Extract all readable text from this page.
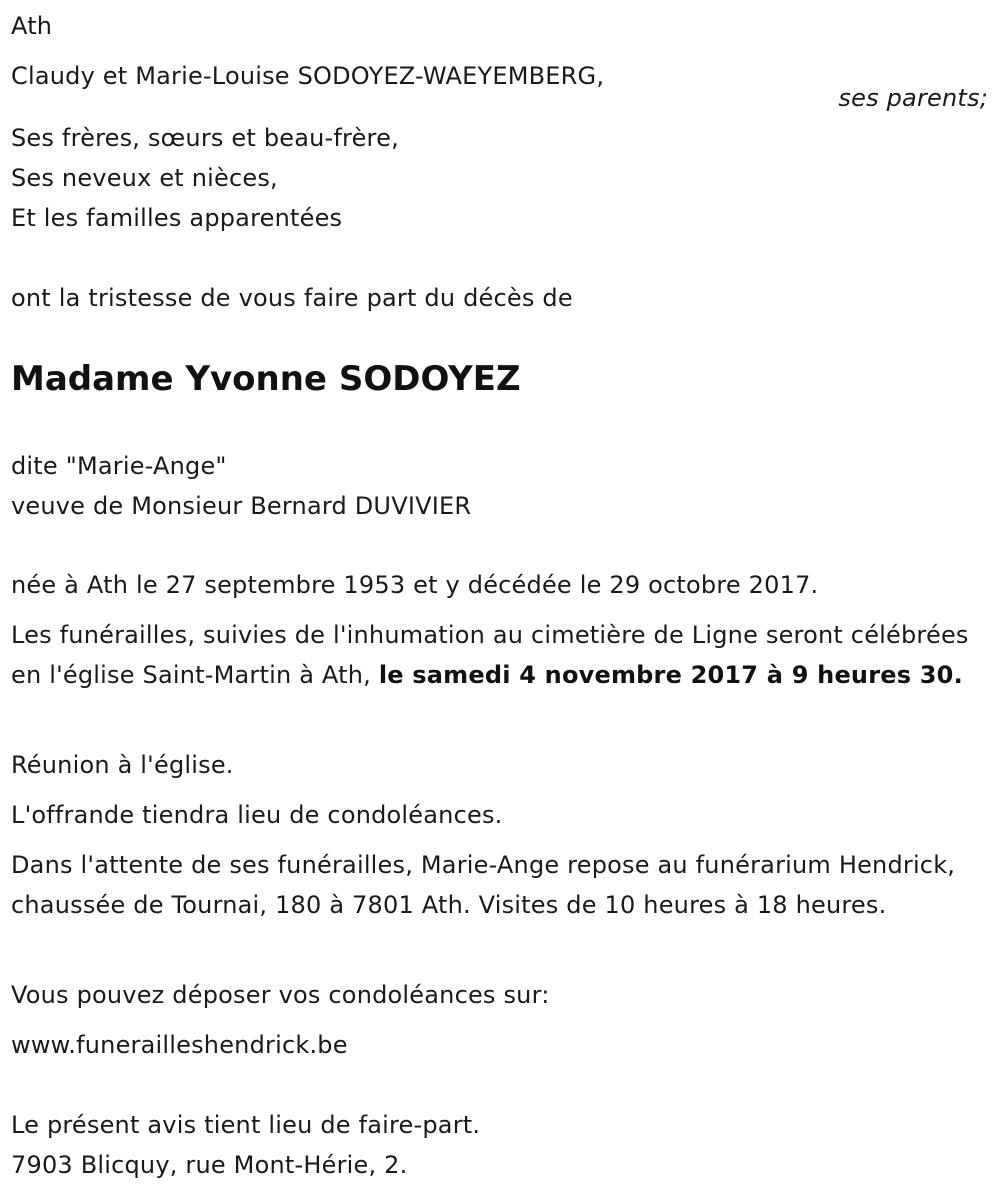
Ath
Claudy et Marie-Louise SODOYEZ-WAEYEMBERG,
ses parents;
Ses frères, sœurs et beau-frère,
Ses neveux et nièces,
Et les familles apparentées
ont la tristesse de vous faire part du décès de
Madame Yvonne SODOYEZ
dite "Marie-Ange"
veuve de Monsieur Bernard DUVIVIER
née à Ath le 27 septembre 1953 et y décédée le 29 octobre 2017.
Les funérailles, suivies de l'inhumation au cimetière de Ligne seront célébrées en l'église Saint-Martin à Ath, le samedi 4 novembre 2017 à 9 heures 30.
Réunion à l'église.
L'offrande tiendra lieu de condoléances.
Dans l'attente de ses funérailles, Marie-Ange repose au funérarium Hendrick, chaussée de Tournai, 180 à 7801 Ath. Visites de 10 heures à 18 heures.
Vous pouvez déposer vos condoléances sur:
www.funerailleshendrick.be
Le présent avis tient lieu de faire-part.
7903 Blicquy, rue Mont-Hérie, 2.
